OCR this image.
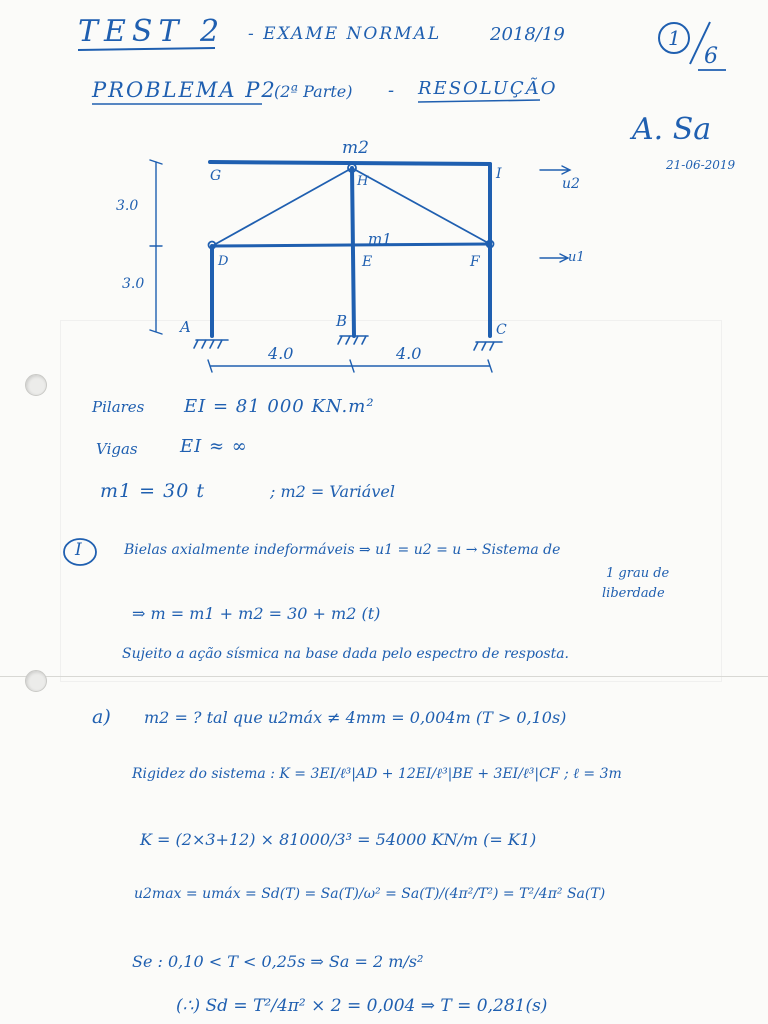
TEST 2 - EXAME NORMAL	2018/19	1
6
PROBLEMA P2
(2ª Parte) - RESOLUÇÃO
A. Sa
21-06-2019
m2
m1
G	H	I
D	E	F
A	B	C
3.0
3.0
4.0	4.0
u2
u1
Pilares EI = 81 000 KN.m²
Vigas EI ≈ ∞
m1 = 30 t	; m2 = Variável
I	Bielas axialmente indeformáveis ⇒ u1 = u2 = u → Sistema de
1 grau de
liberdade
⇒ m = m1 + m2 = 30 + m2 (t)
Sujeito a ação sísmica na base dada pelo espectro de resposta.
a) m2 = ? tal que u2máx ≠ 4mm = 0,004m (T > 0,10s)
Rigidez do sistema : K = 3EI/ℓ³|AD + 12EI/ℓ³|BE + 3EI/ℓ³|CF ; ℓ = 3m
K = (2×3+12) × 81000/3³ = 54000 KN/m (= K1)
u2max = umáx = Sd(T) = Sa(T)/ω² = Sa(T)/(4π²/T²) = T²/4π² Sa(T)
Se : 0,10 < T < 0,25s ⇒ Sa = 2 m/s²
(∴) Sd = T²/4π² × 2 = 0,004 ⇒ T = 0,281(s)
